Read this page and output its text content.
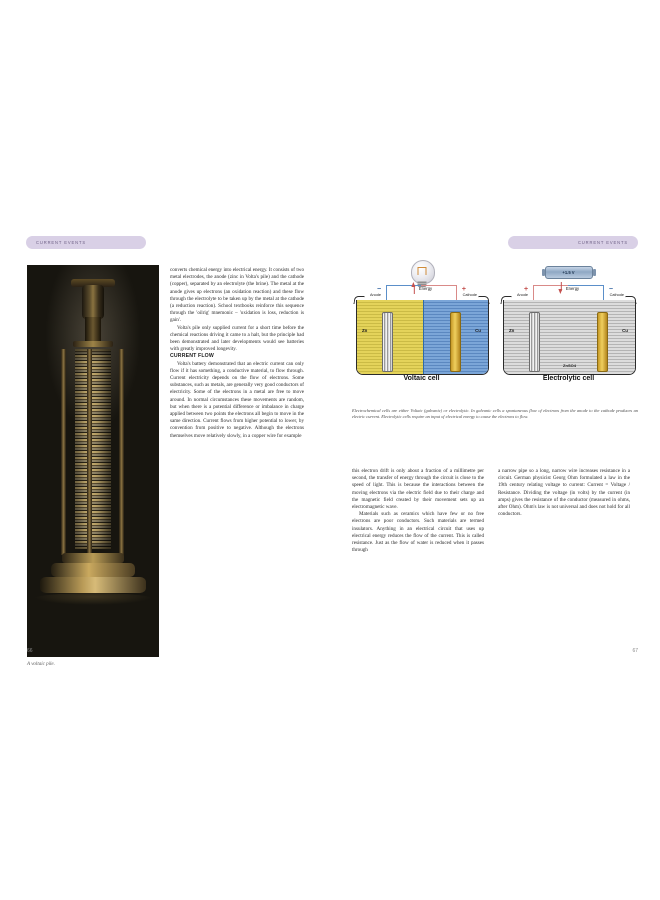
CURRENT EVENTS
A voltaic pile.

converts chemical energy into electrical energy. It consists of two metal electrodes, the anode (zinc in Volta's pile) and the cathode (copper), separated by an electrolyte (the brine). The metal at the anode gives up electrons (an oxidation reaction) and these flow through the electrolyte to be taken up by the metal at the cathode (a reduction reaction). School textbooks reinforce this sequence through the 'oilrig' mnemonic – 'oxidation is loss, reduction is gain'.

Volta's pile only supplied current for a short time before the chemical reactions driving it came to a halt, but the principle had been demonstrated and later developments would see batteries with greatly improved longevity.

CURRENT FLOW

Volta's battery demonstrated that an electric current can only flow if it has something, a conductive material, to flow through. Current electricity depends on the flow of electrons. Some substances, such as metals, are generally very good conductors of electricity. Some of the electrons in a metal are free to move around. In normal circumstances these movements are random, but when there is a potential difference or imbalance in charge applied between two points the electrons all begin to move in the same direction. Current flows from higher potential to lower, by convention from positive to negative. Although the electrons themselves move relatively slowly, in a copper wire for example

66
CURRENT EVENTS
−	+
Energy
Anode	Cathode
Zn	Cu
Voltaic cell
+1.5 V
+	−
Energy
ZnSO4
Anode	Cathode
Zn	Cu
Electrolytic cell
Electrochemical cells are either Voltaic (galvanic) or electrolytic. In galvanic cells a spontaneous flow of electrons from the anode to the cathode produces an electric current. Electrolytic cells require an input of electrical energy to cause the electrons to flow.

this electron drift is only about a fraction of a millimetre per second, the transfer of energy through the circuit is close to the speed of light. This is because the interactions between the moving electrons via the electric field due to their charge and the magnetic field created by their movement sets up an electromagnetic wave.

Materials such as ceramics which have few or no free electrons are poor conductors. Such materials are termed insulators. Anything in an electrical circuit that uses up electrical energy reduces the flow of the current. This is called resistance. Just as the flow of water is reduced when it passes through

a narrow pipe so a long, narrow wire increases resistance in a circuit. German physicist Georg Ohm formulated a law in the 19th century relating voltage to current: Current = Voltage / Resistance. Dividing the voltage (in volts) by the current (in amps) gives the resistance of the conductor (measured in ohms, after Ohm). Ohm's law is not universal and does not hold for all conductors.

67
